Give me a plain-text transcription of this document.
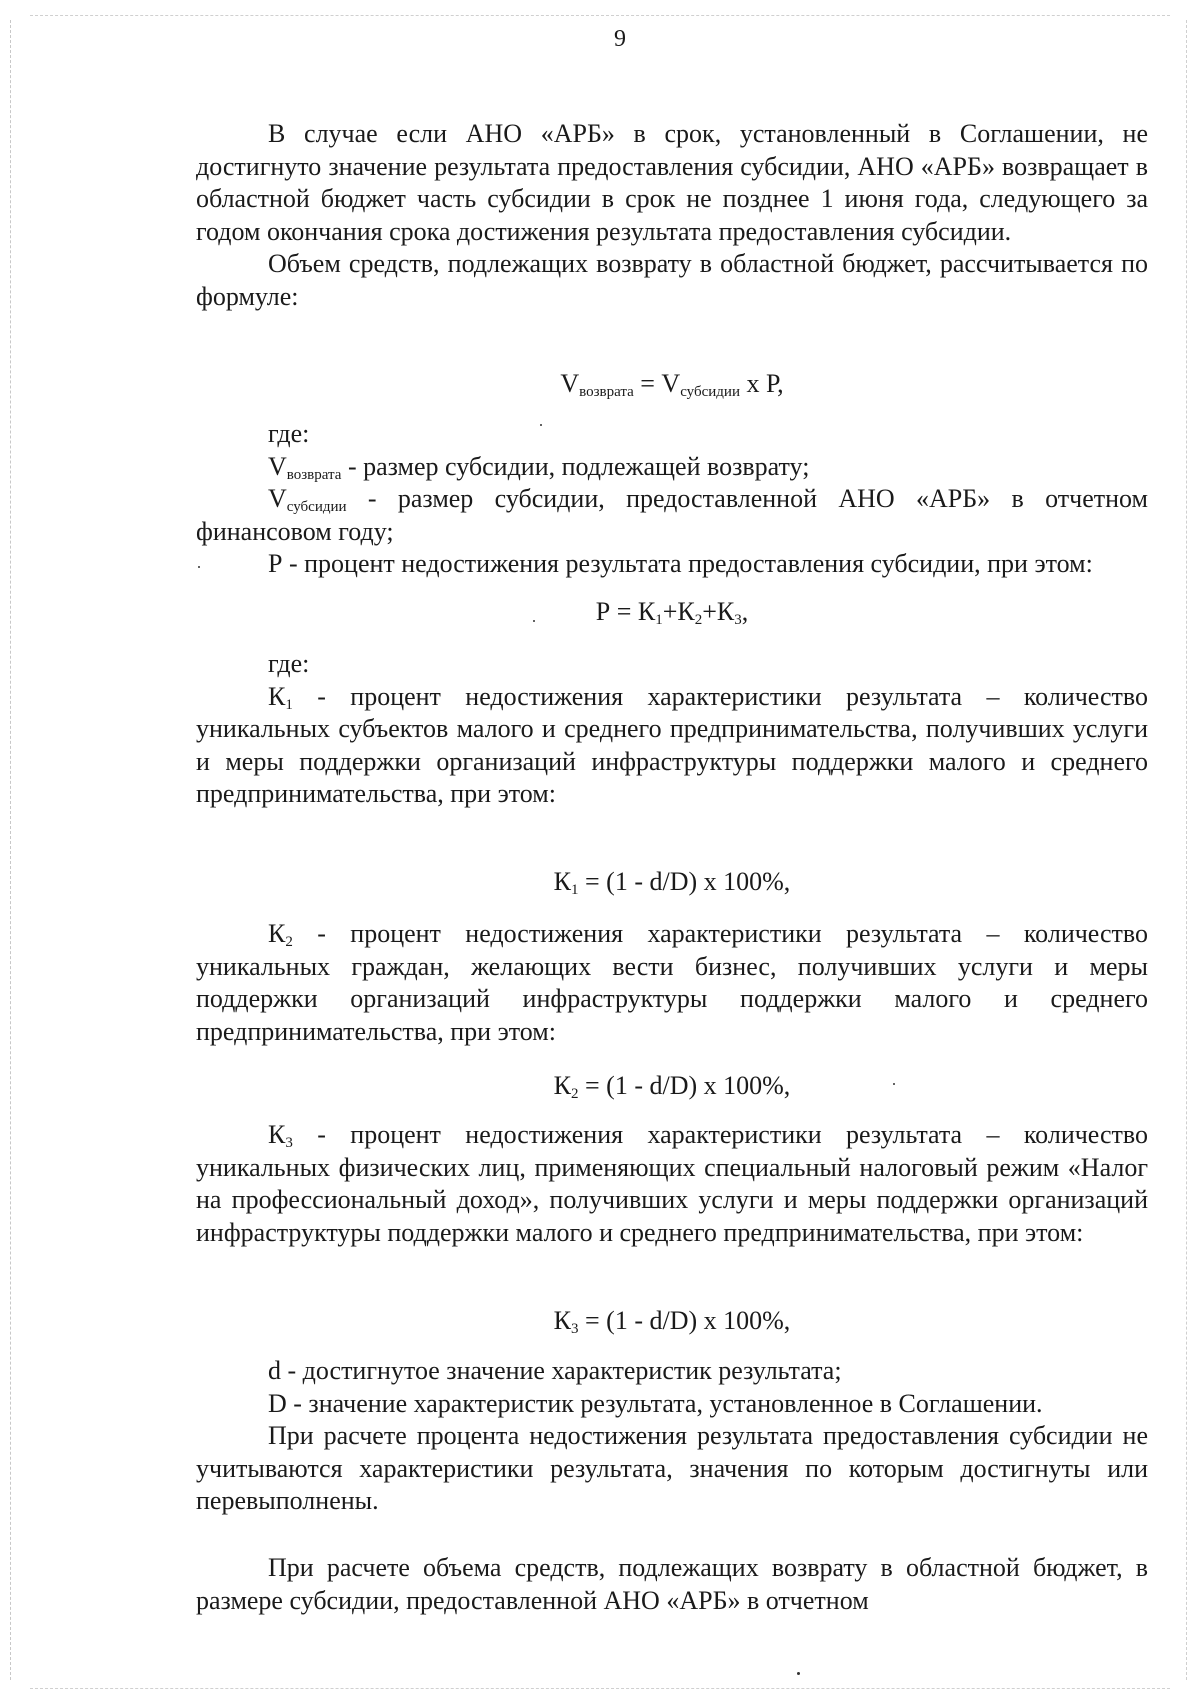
9

В случае если АНО «АРБ» в срок, установленный в Соглашении, не достигнуто значение результата предоставления субсидии, АНО «АРБ» возвращает в областной бюджет часть субсидии в срок не позднее 1 июня года, следующего за годом окончания срока достижения результата предоставления субсидии.

Объем средств, подлежащих возврату в областной бюджет, рассчитывается по формуле:

$V_{возврата} = V_{субсидии}$ х Р,

где:

$V_{возврата}$ - размер субсидии, подлежащей возврату;

$V_{субсидии}$ - размер субсидии, предоставленной АНО «АРБ» в отчетном финансовом году;

Р - процент недостижения результата предоставления субсидии, при этом:

$Р = К_1+К_2+К_3$,

где:

$К_1$ - процент недостижения характеристики результата – количество уникальных субъектов малого и среднего предпринимательства, получивших услуги и меры поддержки организаций инфраструктуры поддержки малого и среднего предпринимательства, при этом:

$К_1 = (1 - d/D)$ х 100%,

$К_2$ - процент недостижения характеристики результата – количество уникальных граждан, желающих вести бизнес, получивших услуги и меры поддержки организаций инфраструктуры поддержки малого и среднего предпринимательства, при этом:

$К_2 = (1 - d/D)$ х 100%,

$К_3$ - процент недостижения характеристики результата – количество уникальных физических лиц, применяющих специальный налоговый режим «Налог на профессиональный доход», получивших услуги и меры поддержки организаций инфраструктуры поддержки малого и среднего предпринимательства, при этом:

$К_3 = (1 - d/D)$ х 100%,

d - достигнутое значение характеристик результата;

D - значение характеристик результата, установленное в Соглашении.

При расчете процента недостижения результата предоставления субсидии не учитываются характеристики результата, значения по которым достигнуты или перевыполнены.

При расчете объема средств, подлежащих возврату в областной бюджет, в размере субсидии, предоставленной АНО «АРБ» в отчетном
